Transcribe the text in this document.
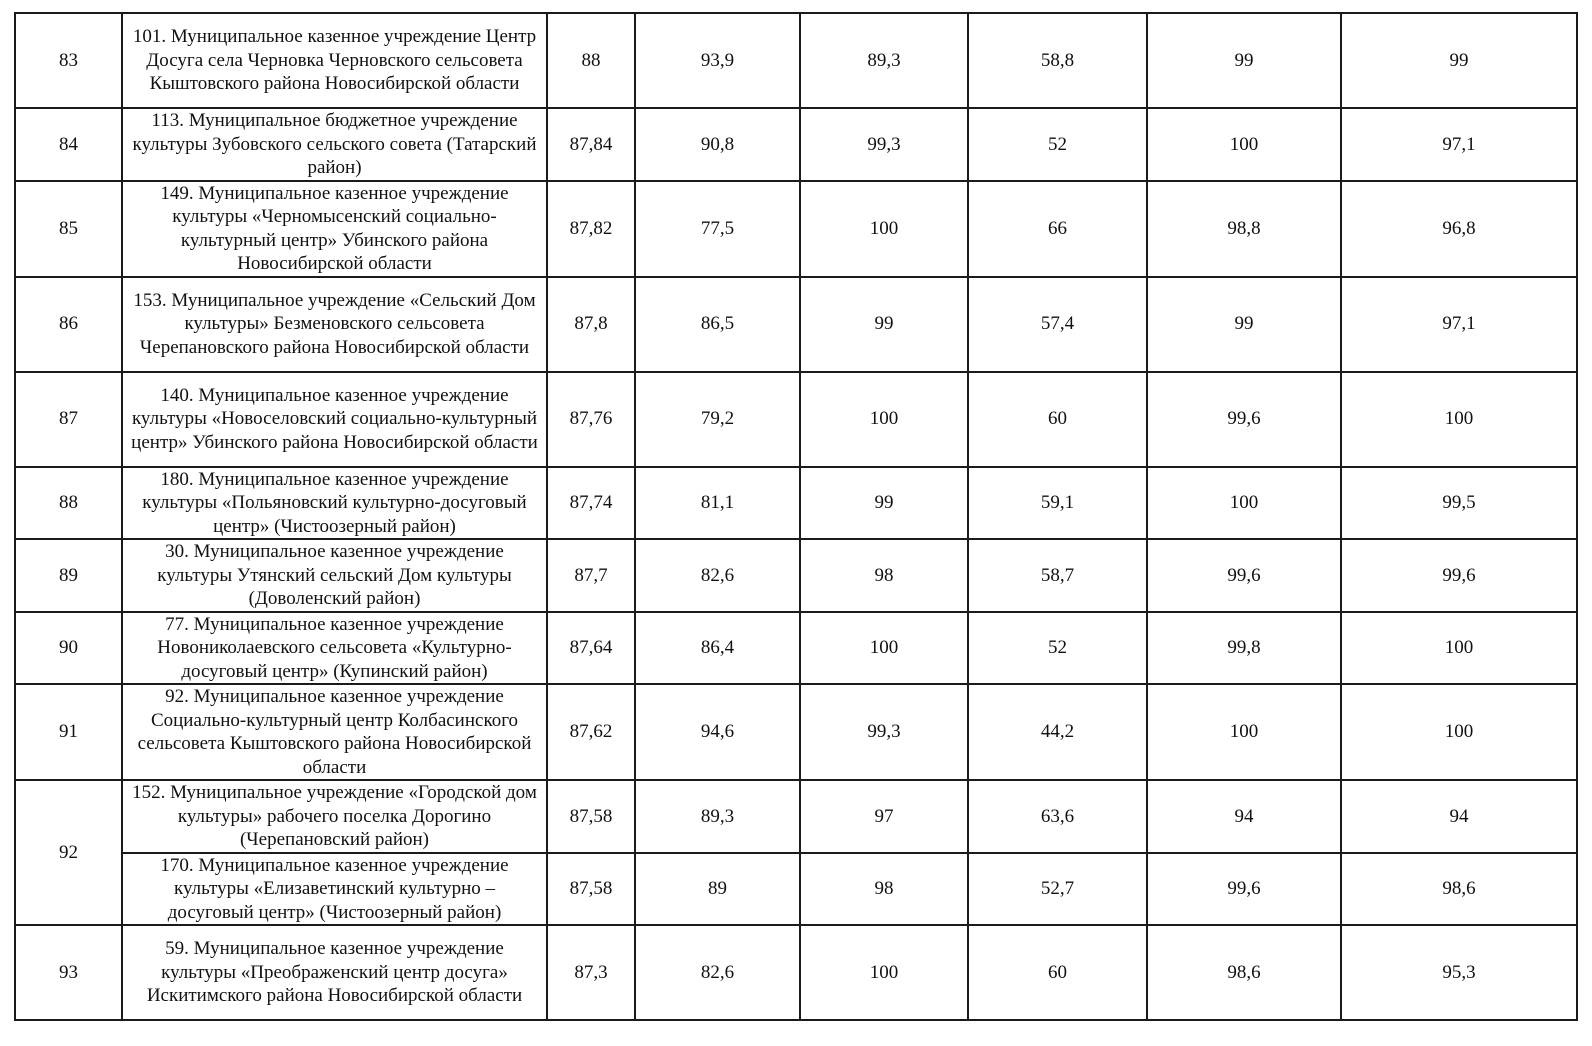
83	101. Муниципальное казенное учреждение Центр Досуга села Черновка Черновского сельсовета Кыштовского района Новосибирской области	88	93,9	89,3	58,8	99	99
84	113. Муниципальное бюджетное учреждение культуры Зубовского сельского совета (Татарский район)	87,84	90,8	99,3	52	100	97,1
85	149. Муниципальное казенное учреждение культуры «Черномысенский социально-культурный центр» Убинского района Новосибирской области	87,82	77,5	100	66	98,8	96,8
86	153. Муниципальное учреждение «Сельский Дом культуры» Безменовского сельсовета Черепановского района Новосибирской области	87,8	86,5	99	57,4	99	97,1
87	140. Муниципальное казенное учреждение культуры «Новоселовский социально-культурный центр» Убинского района Новосибирской области	87,76	79,2	100	60	99,6	100
88	180. Муниципальное казенное учреждение культуры «Польяновский культурно-досуговый центр» (Чистоозерный район)	87,74	81,1	99	59,1	100	99,5
89	30. Муниципальное казенное учреждение культуры Утянский сельский Дом культуры (Доволенский район)	87,7	82,6	98	58,7	99,6	99,6
90	77. Муниципальное казенное учреждение Новониколаевского сельсовета «Культурно-досуговый центр» (Купинский район)	87,64	86,4	100	52	99,8	100
91	92. Муниципальное казенное учреждение Социально-культурный центр Колбасинского сельсовета Кыштовского района Новосибирской области	87,62	94,6	99,3	44,2	100	100
92	152. Муниципальное учреждение «Городской дом культуры» рабочего поселка Дорогино (Черепановский район)	87,58	89,3	97	63,6	94	94
	170. Муниципальное казенное учреждение культуры «Елизаветинский культурно – досуговый центр» (Чистоозерный район)	87,58	89	98	52,7	99,6	98,6
93	59. Муниципальное казенное учреждение культуры «Преображенский центр досуга» Искитимского района Новосибирской области	87,3	82,6	100	60	98,6	95,3
